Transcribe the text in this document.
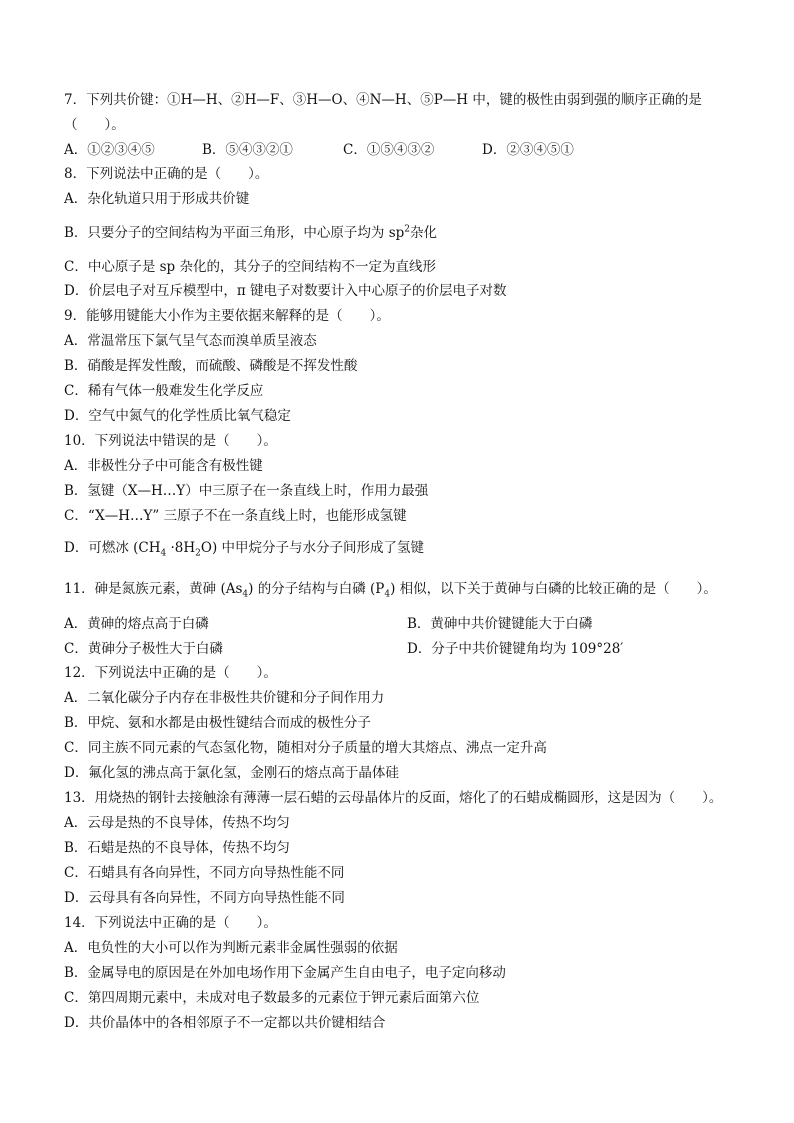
7．下列共价键：①H—H、②H—F、③H—O、④N—H、⑤P—H 中，键的极性由弱到强的顺序正确的是
（　　）。
A．①②③④⑤	B．⑤④③②①	C．①⑤④③②	D．②③④⑤①
8．下列说法中正确的是（　　）。
A．杂化轨道只用于形成共价键
B．只要分子的空间结构为平面三角形，中心原子均为 $sp^2$杂化
C．中心原子是 sp 杂化的，其分子的空间结构不一定为直线形
D．价层电子对互斥模型中，π 键电子对数要计入中心原子的价层电子对数
9．能够用键能大小作为主要依据来解释的是（　　）。
A．常温常压下氯气呈气态而溴单质呈液态
B．硝酸是挥发性酸，而硫酸、磷酸是不挥发性酸
C．稀有气体一般难发生化学反应
D．空气中氮气的化学性质比氧气稳定
10．下列说法中错误的是（　　）。
A．非极性分子中可能含有极性键
B．氢键（X—H…Y）中三原子在一条直线上时，作用力最强
C．“X—H…Y” 三原子不在一条直线上时，也能形成氢键
D．可燃冰 $(CH_4 \cdot 8H_2O)$ 中甲烷分子与水分子间形成了氢键
11．砷是氮族元素，黄砷 $(As_4)$ 的分子结构与白磷 $(P_4)$ 相似，以下关于黄砷与白磷的比较正确的是（　　）。
A．黄砷的熔点高于白磷	B．黄砷中共价键键能大于白磷
C．黄砷分子极性大于白磷	D．分子中共价键键角均为 109°28′
12．下列说法中正确的是（　　）。
A．二氧化碳分子内存在非极性共价键和分子间作用力
B．甲烷、氨和水都是由极性键结合而成的极性分子
C．同主族不同元素的气态氢化物，随相对分子质量的增大其熔点、沸点一定升高
D．氟化氢的沸点高于氯化氢，金刚石的熔点高于晶体硅
13．用烧热的钢针去接触涂有薄薄一层石蜡的云母晶体片的反面，熔化了的石蜡成椭圆形，这是因为（　　）。
A．云母是热的不良导体，传热不均匀
B．石蜡是热的不良导体，传热不均匀
C．石蜡具有各向异性，不同方向导热性能不同
D．云母具有各向异性，不同方向导热性能不同
14．下列说法中正确的是（　　）。
A．电负性的大小可以作为判断元素非金属性强弱的依据
B．金属导电的原因是在外加电场作用下金属产生自由电子，电子定向移动
C．第四周期元素中，未成对电子数最多的元素位于钾元素后面第六位
D．共价晶体中的各相邻原子不一定都以共价键相结合
